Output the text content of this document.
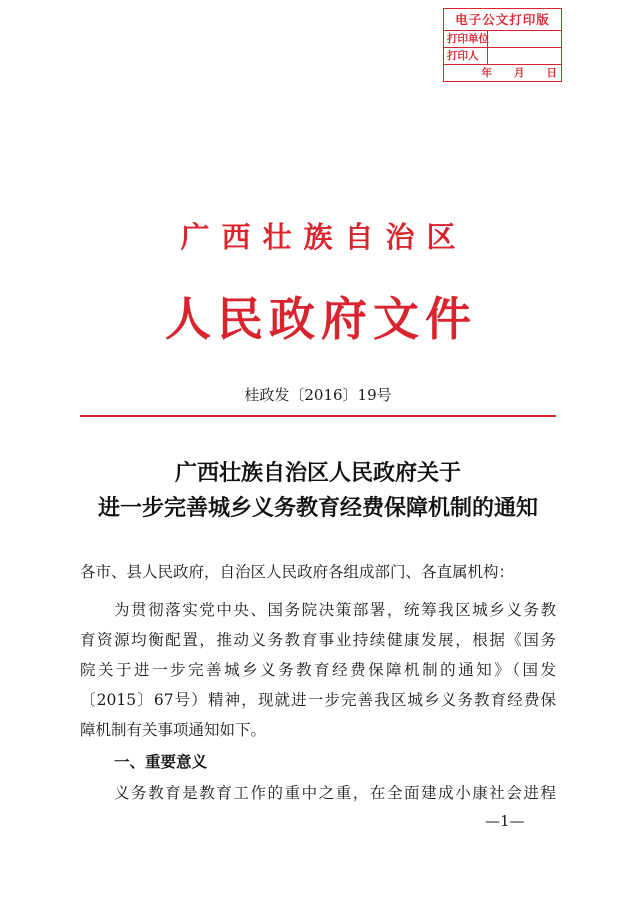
电子公文打印版
打印单位
打印人
年 月 日
广西壮族自治区
人民政府文件
桂政发〔2016〕19号
广西壮族自治区人民政府关于
进一步完善城乡义务教育经费保障机制的通知
各市、县人民政府，自治区人民政府各组成部门、各直属机构：
为贯彻落实党中央、国务院决策部署，统筹我区城乡义务教
育资源均衡配置，推动义务教育事业持续健康发展，根据《国务
院关于进一步完善城乡义务教育经费保障机制的通知》（国发
〔2015〕67号）精神，现就进一步完善我区城乡义务教育经费保
障机制有关事项通知如下。
一、重要意义
义务教育是教育工作的重中之重，在全面建成小康社会进程
—1—
